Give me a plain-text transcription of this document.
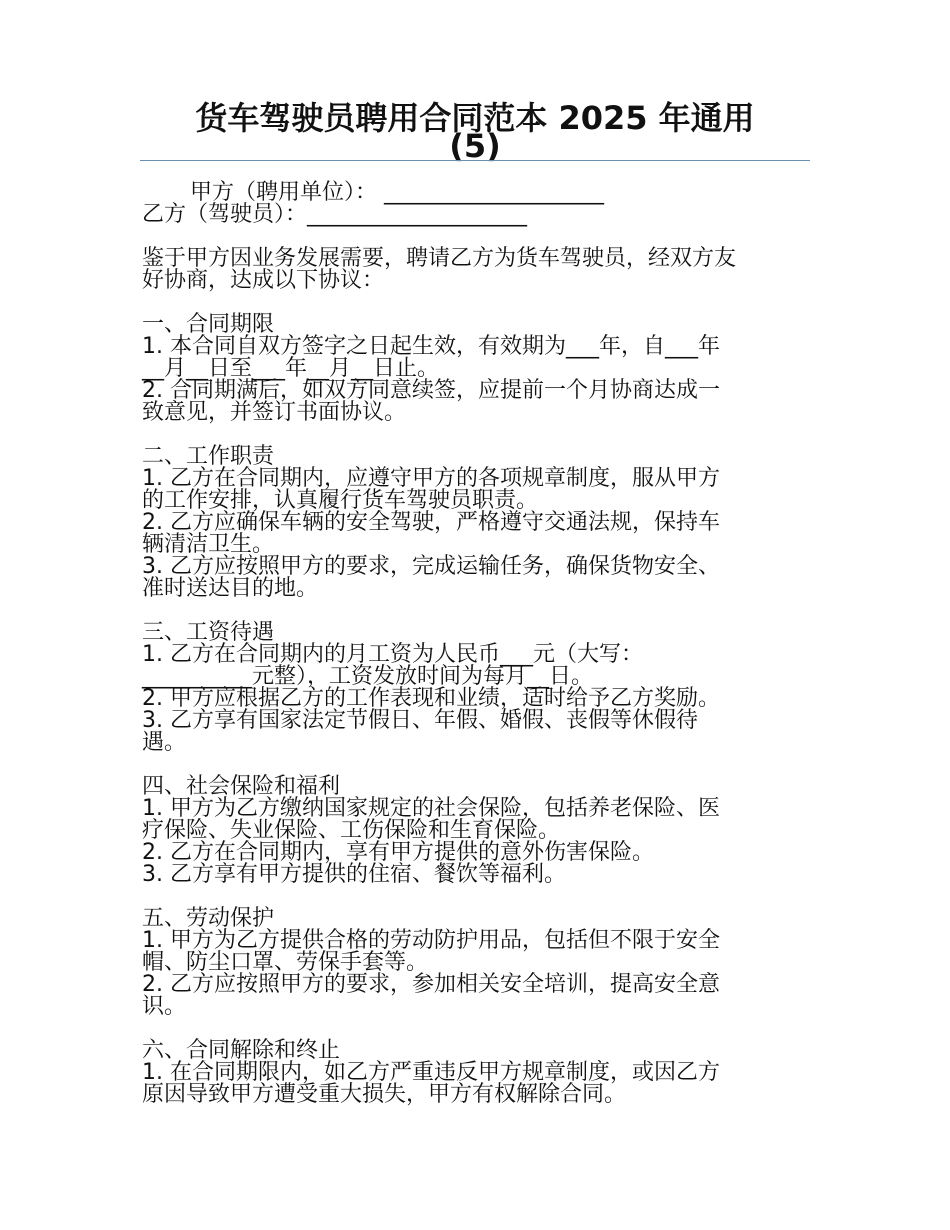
货车驾驶员聘用合同范本 2025 年通用
(5)
甲方（聘用单位）： ____________________
乙方（驾驶员）：____________________
鉴于甲方因业务发展需要，聘请乙方为货车驾驶员，经双方友
好协商，达成以下协议：
一、合同期限
1. 本合同自双方签字之日起生效，有效期为___年，自___年
__月__日至___年__月__日止。
2. 合同期满后，如双方同意续签，应提前一个月协商达成一
致意见，并签订书面协议。
二、工作职责
1. 乙方在合同期内，应遵守甲方的各项规章制度，服从甲方
的工作安排，认真履行货车驾驶员职责。
2. 乙方应确保车辆的安全驾驶，严格遵守交通法规，保持车
辆清洁卫生。
3. 乙方应按照甲方的要求，完成运输任务，确保货物安全、
准时送达目的地。
三、工资待遇
1. 乙方在合同期内的月工资为人民币___元（大写：
__________元整），工资发放时间为每月__日。
2. 甲方应根据乙方的工作表现和业绩，适时给予乙方奖励。
3. 乙方享有国家法定节假日、年假、婚假、丧假等休假待
遇。
四、社会保险和福利
1. 甲方为乙方缴纳国家规定的社会保险，包括养老保险、医
疗保险、失业保险、工伤保险和生育保险。
2. 乙方在合同期内，享有甲方提供的意外伤害保险。
3. 乙方享有甲方提供的住宿、餐饮等福利。
五、劳动保护
1. 甲方为乙方提供合格的劳动防护用品，包括但不限于安全
帽、防尘口罩、劳保手套等。
2. 乙方应按照甲方的要求，参加相关安全培训，提高安全意
识。
六、合同解除和终止
1. 在合同期限内，如乙方严重违反甲方规章制度，或因乙方
原因导致甲方遭受重大损失，甲方有权解除合同。
